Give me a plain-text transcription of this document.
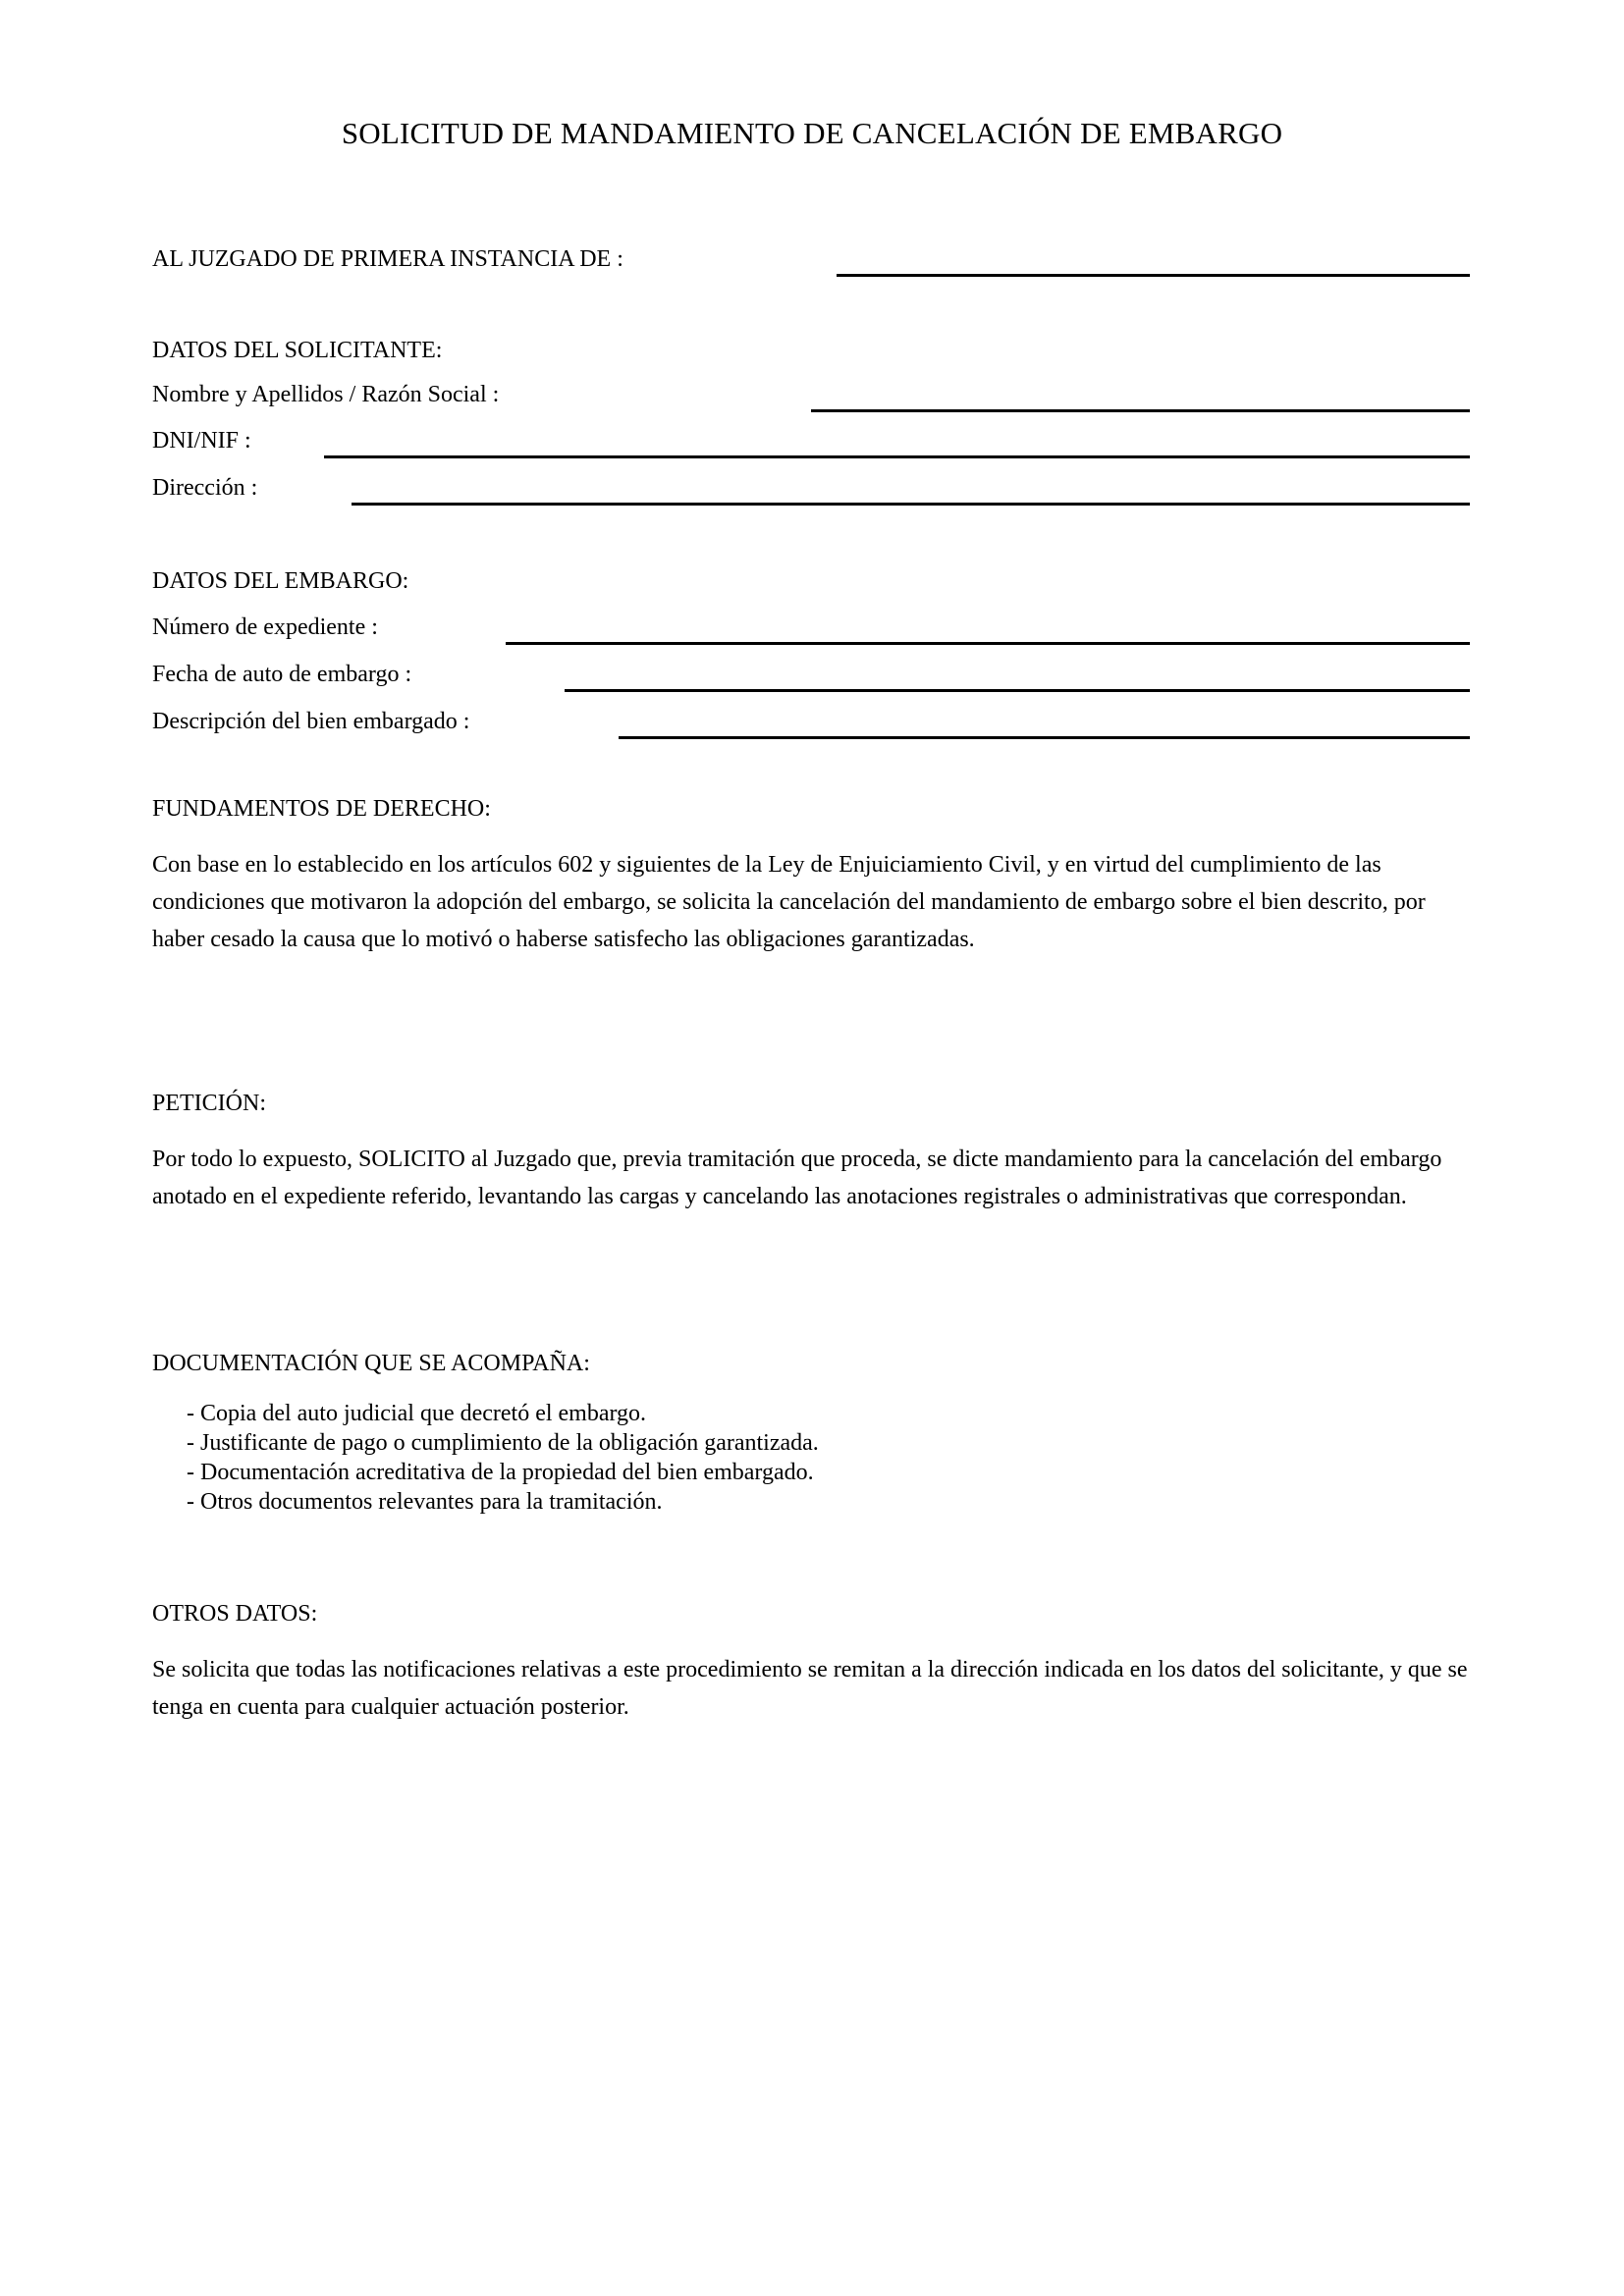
SOLICITUD DE MANDAMIENTO DE CANCELACIÓN DE EMBARGO
AL JUZGADO DE PRIMERA INSTANCIA DE :
DATOS DEL SOLICITANTE:
Nombre y Apellidos / Razón Social :
DNI/NIF :
Dirección :
DATOS DEL EMBARGO:
Número de expediente :
Fecha de auto de embargo :
Descripción del bien embargado :
FUNDAMENTOS DE DERECHO:
Con base en lo establecido en los artículos 602 y siguientes de la Ley de Enjuiciamiento Civil, y en virtud del cumplimiento de las condiciones que motivaron la adopción del embargo, se solicita la cancelación del mandamiento de embargo sobre el bien descrito, por haber cesado la causa que lo motivó o haberse satisfecho las obligaciones garantizadas.
PETICIÓN:
Por todo lo expuesto, SOLICITO al Juzgado que, previa tramitación que proceda, se dicte mandamiento para la cancelación del embargo anotado en el expediente referido, levantando las cargas y cancelando las anotaciones registrales o administrativas que correspondan.
DOCUMENTACIÓN QUE SE ACOMPAÑA:
- Copia del auto judicial que decretó el embargo.
- Justificante de pago o cumplimiento de la obligación garantizada.
- Documentación acreditativa de la propiedad del bien embargado.
- Otros documentos relevantes para la tramitación.
OTROS DATOS:
Se solicita que todas las notificaciones relativas a este procedimiento se remitan a la dirección indicada en los datos del solicitante, y que se tenga en cuenta para cualquier actuación posterior.
